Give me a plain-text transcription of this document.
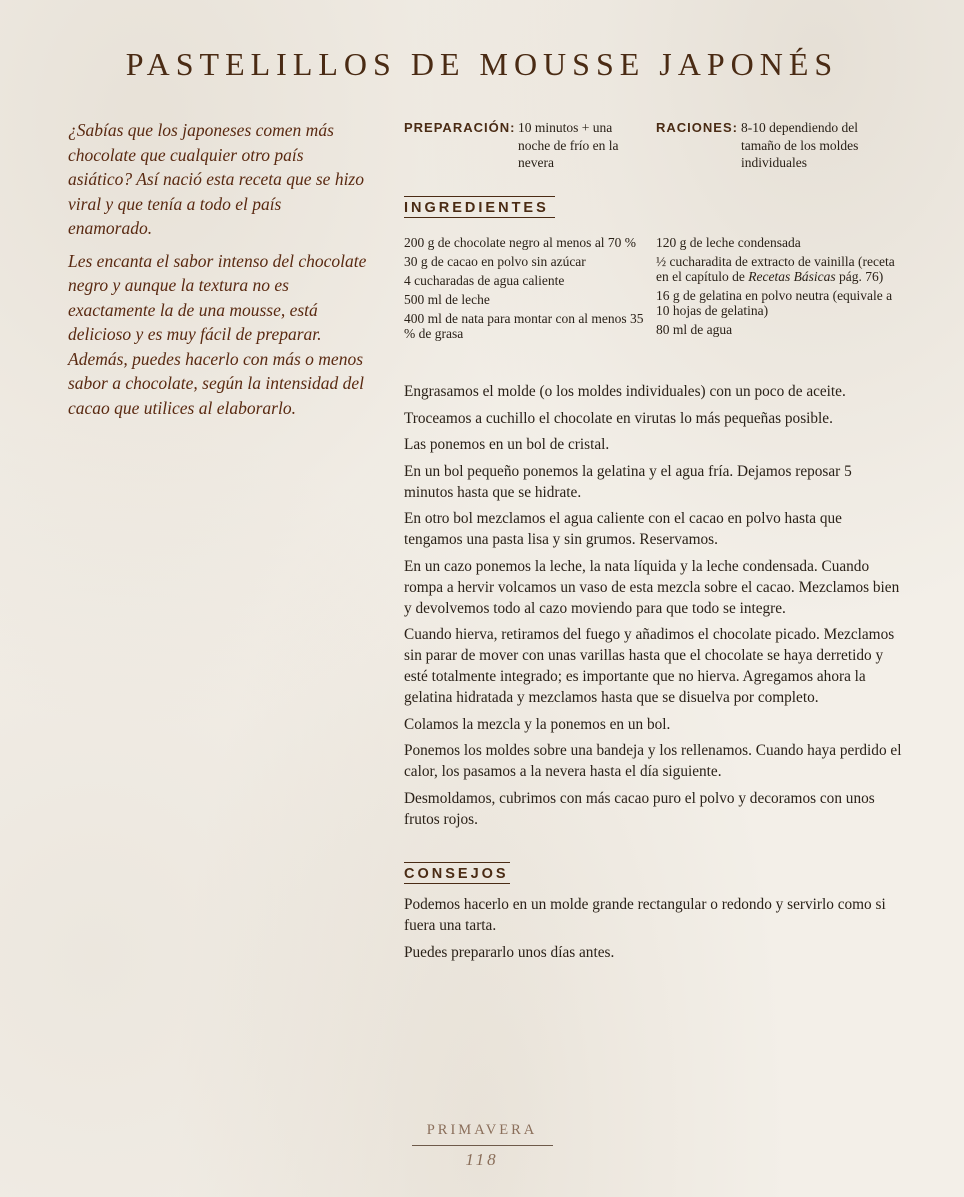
PASTELILLOS DE MOUSSE JAPONÉS

¿Sabías que los japoneses comen más chocolate que cualquier otro país asiático? Así nació esta receta que se hizo viral y que tenía a todo el país enamorado.

Les encanta el sabor intenso del chocolate negro y aunque la textura no es exactamente la de una mousse, está delicioso y es muy fácil de preparar. Además, puedes hacerlo con más o menos sabor a chocolate, según la intensidad del cacao que utilices al elaborarlo.

PREPARACIÓN: 10 minutos + una noche de frío en la nevera
RACIONES: 8-10 dependiendo del tamaño de los moldes individuales
INGREDIENTES
200 g de chocolate negro al menos al 70 %
30 g de cacao en polvo sin azúcar
4 cucharadas de agua caliente
500 ml de leche
400 ml de nata para montar con al menos 35 % de grasa
120 g de leche condensada
½ cucharadita de extracto de vainilla (receta en el capítulo de Recetas Básicas pág. 76)
16 g de gelatina en polvo neutra (equivale a 10 hojas de gelatina)
80 ml de agua

Engrasamos el molde (o los moldes individuales) con un poco de aceite.

Troceamos a cuchillo el chocolate en virutas lo más pequeñas posible.

Las ponemos en un bol de cristal.

En un bol pequeño ponemos la gelatina y el agua fría. Dejamos reposar 5 minutos hasta que se hidrate.

En otro bol mezclamos el agua caliente con el cacao en polvo hasta que tengamos una pasta lisa y sin grumos. Reservamos.

En un cazo ponemos la leche, la nata líquida y la leche condensada. Cuando rompa a hervir volcamos un vaso de esta mezcla sobre el cacao. Mezclamos bien y devolvemos todo al cazo moviendo para que todo se integre.

Cuando hierva, retiramos del fuego y añadimos el chocolate picado. Mezclamos sin parar de mover con unas varillas hasta que el chocolate se haya derretido y esté totalmente integrado; es importante que no hierva. Agregamos ahora la gelatina hidratada y mezclamos hasta que se disuelva por completo.

Colamos la mezcla y la ponemos en un bol.

Ponemos los moldes sobre una bandeja y los rellenamos. Cuando haya perdido el calor, los pasamos a la nevera hasta el día siguiente.

Desmoldamos, cubrimos con más cacao puro el polvo y decoramos con unos frutos rojos.

CONSEJOS

Podemos hacerlo en un molde grande rectangular o redondo y servirlo como si fuera una tarta.

Puedes prepararlo unos días antes.

PRIMAVERA
118
